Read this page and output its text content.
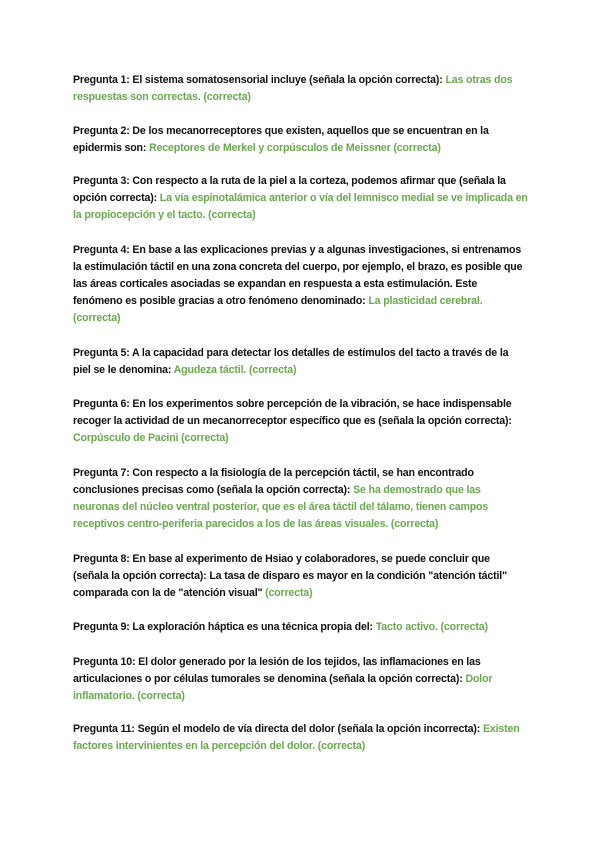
Pregunta 1: El sistema somatosensorial incluye (señala la opción correcta): Las otras dos respuestas son correctas. (correcta)

Pregunta 2: De los mecanorreceptores que existen, aquellos que se encuentran en la epidermis son: Receptores de Merkel y corpúsculos de Meissner (correcta)

Pregunta 3: Con respecto a la ruta de la piel a la corteza, podemos afirmar que (señala la opción correcta): La vía espinotalámica anterior o vía del lemnisco medial se ve implicada en la propiocepción y el tacto. (correcta)

Pregunta 4: En base a las explicaciones previas y a algunas investigaciones, si entrenamos la estimulación táctil en una zona concreta del cuerpo, por ejemplo, el brazo, es posible que las áreas corticales asociadas se expandan en respuesta a esta estimulación. Este fenómeno es posible gracias a otro fenómeno denominado: La plasticidad cerebral. (correcta)

Pregunta 5: A la capacidad para detectar los detalles de estímulos del tacto a través de la piel se le denomina: Agudeza táctil. (correcta)

Pregunta 6: En los experimentos sobre percepción de la vibración, se hace indispensable recoger la actividad de un mecanorreceptor específico que es (señala la opción correcta): Corpúsculo de Pacini (correcta)

Pregunta 7: Con respecto a la fisiología de la percepción táctil, se han encontrado conclusiones precisas como (señala la opción correcta): Se ha demostrado que las neuronas del núcleo ventral posterior, que es el área táctil del tálamo, tienen campos receptivos centro-periferia parecidos a los de las áreas visuales. (correcta)

Pregunta 8: En base al experimento de Hsiao y colaboradores, se puede concluir que (señala la opción correcta): La tasa de disparo es mayor en la condición "atención táctil" comparada con la de "atención visual" (correcta)

Pregunta 9: La exploración háptica es una técnica propia del: Tacto activo. (correcta)

Pregunta 10: El dolor generado por la lesión de los tejidos, las inflamaciones en las articulaciones o por células tumorales se denomina (señala la opción correcta): Dolor inflamatorio. (correcta)

Pregunta 11: Según el modelo de vía directa del dolor (señala la opción incorrecta): Existen factores intervinientes en la percepción del dolor. (correcta)
